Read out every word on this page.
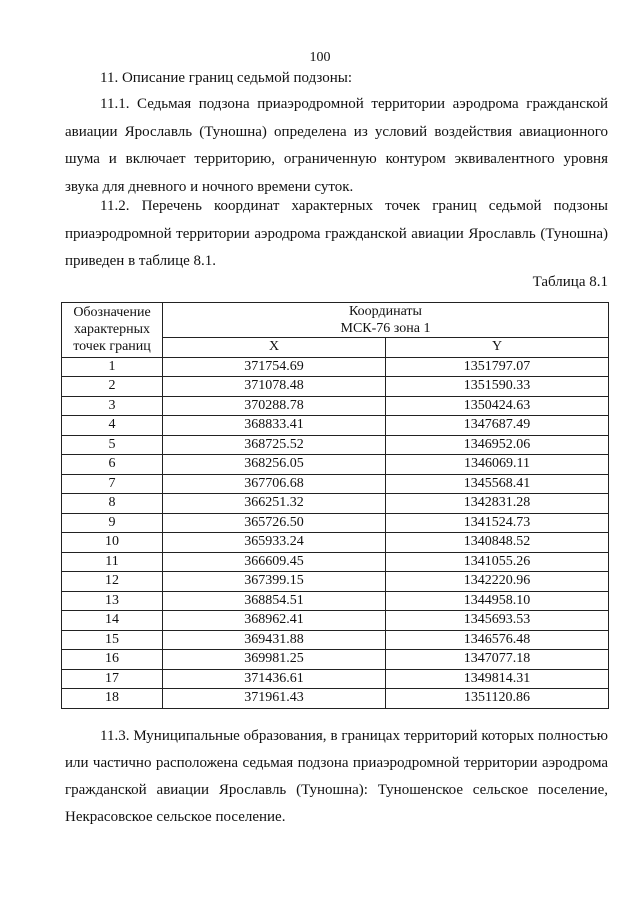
100
11. Описание границ седьмой подзоны:

11.1. Седьмая подзона приаэродромной территории аэродрома гражданской авиации Ярославль (Туношна) определена из условий воздействия авиационного шума и включает территорию, ограниченную контуром эквивалентного уровня звука для дневного и ночного времени суток.

11.2. Перечень координат характерных точек границ седьмой подзоны приаэродромной территории аэродрома гражданской авиации Ярославль (Туношна) приведен в таблице 8.1.

Таблица 8.1
Обозначение характерных точек границ	Координаты
МСК-76 зона 1	

	X	Y
1	371754.69	1351797.07
2	371078.48	1351590.33
3	370288.78	1350424.63
4	368833.41	1347687.49
5	368725.52	1346952.06
6	368256.05	1346069.11
7	367706.68	1345568.41
8	366251.32	1342831.28
9	365726.50	1341524.73
10	365933.24	1340848.52
11	366609.45	1341055.26
12	367399.15	1342220.96
13	368854.51	1344958.10
14	368962.41	1345693.53
15	369431.88	1346576.48
16	369981.25	1347077.18
17	371436.61	1349814.31
18	371961.43	1351120.86

11.3. Муниципальные образования, в границах территорий которых полностью или частично расположена седьмая подзона приаэродромной территории аэродрома гражданской авиации Ярославль (Туношна): Туношенское сельское поселение, Некрасовское сельское поселение.
